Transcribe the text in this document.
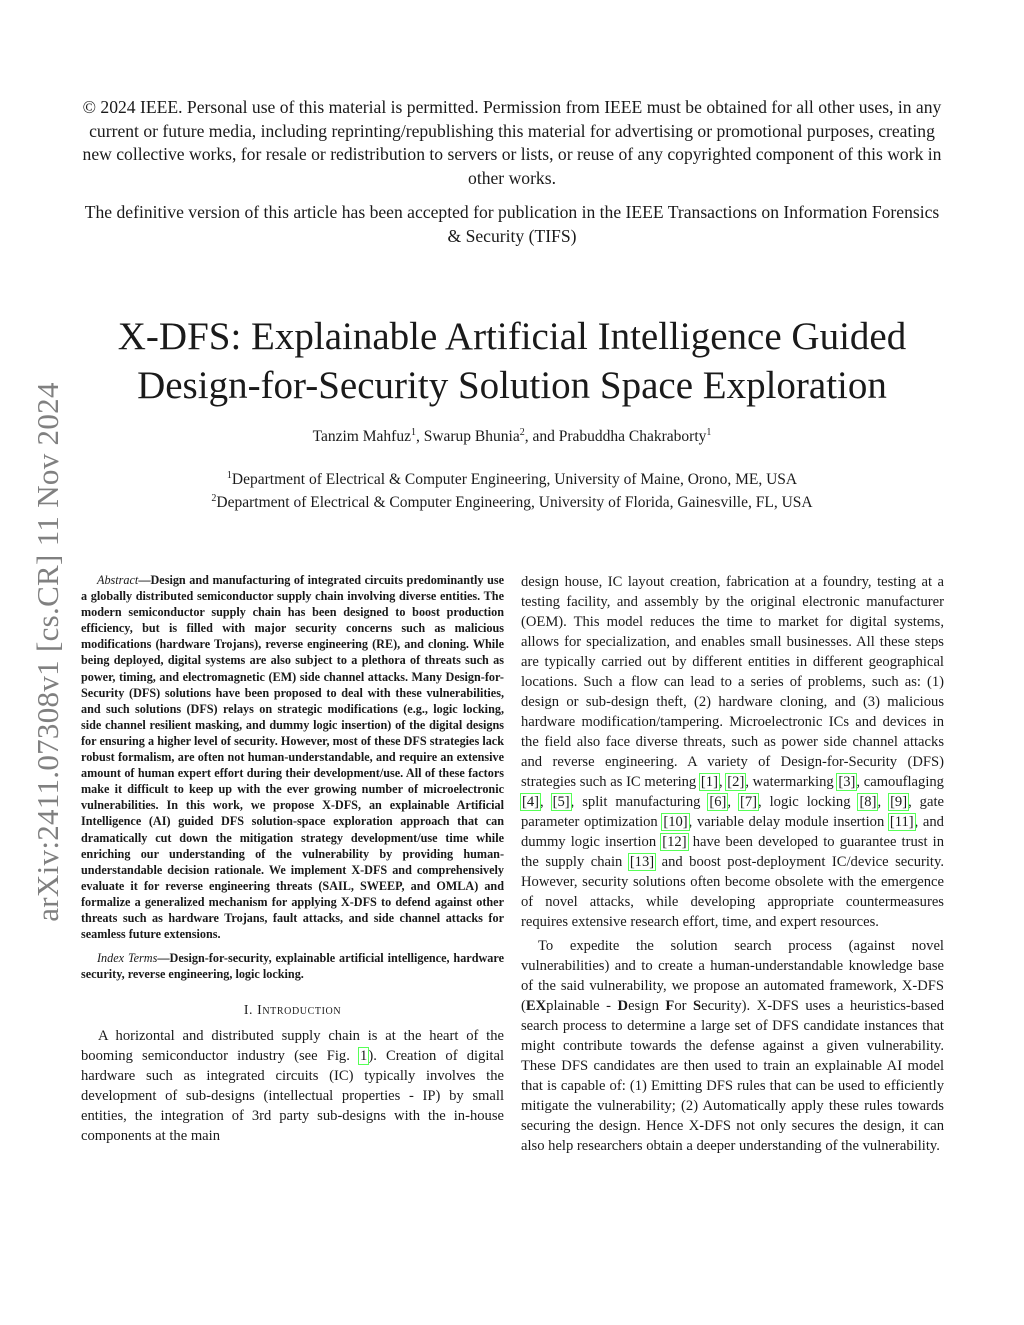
© 2024 IEEE. Personal use of this material is permitted. Permission from IEEE must be obtained for all other uses, in any current or future media, including reprinting/republishing this material for advertising or promotional purposes, creating new collective works, for resale or redistribution to servers or lists, or reuse of any copyrighted component of this work in other works.

The definitive version of this article has been accepted for publication in the IEEE Transactions on Information Forensics & Security (TIFS)

arXiv:2411.07308v1 [cs.CR] 11 Nov 2024
X-DFS: Explainable Artificial Intelligence Guided
Design-for-Security Solution Space Exploration
Tanzim Mahfuz$^1$, Swarup Bhunia$^2$, and Prabuddha Chakraborty$^1$
$^1$Department of Electrical & Computer Engineering, University of Maine, Orono, ME, USA
$^2$Department of Electrical & Computer Engineering, University of Florida, Gainesville, FL, USA

Abstract—Design and manufacturing of integrated circuits predominantly use a globally distributed semiconductor supply chain involving diverse entities. The modern semiconductor supply chain has been designed to boost production efficiency, but is filled with major security concerns such as malicious modifications (hardware Trojans), reverse engineering (RE), and cloning. While being deployed, digital systems are also subject to a plethora of threats such as power, timing, and electromagnetic (EM) side channel attacks. Many Design-for-Security (DFS) solutions have been proposed to deal with these vulnerabilities, and such solutions (DFS) relays on strategic modifications (e.g., logic locking, side channel resilient masking, and dummy logic insertion) of the digital designs for ensuring a higher level of security. However, most of these DFS strategies lack robust formalism, are often not human-understandable, and require an extensive amount of human expert effort during their development/use. All of these factors make it difficult to keep up with the ever growing number of microelectronic vulnerabilities. In this work, we propose X-DFS, an explainable Artificial Intelligence (AI) guided DFS solution-space exploration approach that can dramatically cut down the mitigation strategy development/use time while enriching our understanding of the vulnerability by providing human-understandable decision rationale. We implement X-DFS and comprehensively evaluate it for reverse engineering threats (SAIL, SWEEP, and OMLA) and formalize a generalized mechanism for applying X-DFS to defend against other threats such as hardware Trojans, fault attacks, and side channel attacks for seamless future extensions.

Index Terms—Design-for-security, explainable artificial intelligence, hardware security, reverse engineering, logic locking.

I. Introduction

A horizontal and distributed supply chain is at the heart of the booming semiconductor industry (see Fig. 1). Creation of digital hardware such as integrated circuits (IC) typically involves the development of sub-designs (intellectual properties - IP) by small entities, the integration of 3rd party sub-designs with the in-house components at the main

design house, IC layout creation, fabrication at a foundry, testing at a testing facility, and assembly by the original electronic manufacturer (OEM). This model reduces the time to market for digital systems, allows for specialization, and enables small businesses. All these steps are typically carried out by different entities in different geographical locations. Such a flow can lead to a series of problems, such as: (1) design or sub-design theft, (2) hardware cloning, and (3) malicious hardware modification/tampering. Microelectronic ICs and devices in the field also face diverse threats, such as power side channel attacks and reverse engineering. A variety of Design-for-Security (DFS) strategies such as IC metering [1], [2], watermarking [3], camouflaging [4], [5], split manufacturing [6], [7], logic locking [8], [9], gate parameter optimization [10], variable delay module insertion [11], and dummy logic insertion [12] have been developed to guarantee trust in the supply chain [13] and boost post-deployment IC/device security. However, security solutions often become obsolete with the emergence of novel attacks, while developing appropriate countermeasures requires extensive research effort, time, and expert resources.

To expedite the solution search process (against novel vulnerabilities) and to create a human-understandable knowledge base of the said vulnerability, we propose an automated framework, X-DFS (EXplainable - Design For Security). X-DFS uses a heuristics-based search process to determine a large set of DFS candidate instances that might contribute towards the defense against a given vulnerability. These DFS candidates are then used to train an explainable AI model that is capable of: (1) Emitting DFS rules that can be used to efficiently mitigate the vulnerability; (2) Automatically apply these rules towards securing the design. Hence X-DFS not only secures the design, it can also help researchers obtain a deeper understanding of the vulnerability.
